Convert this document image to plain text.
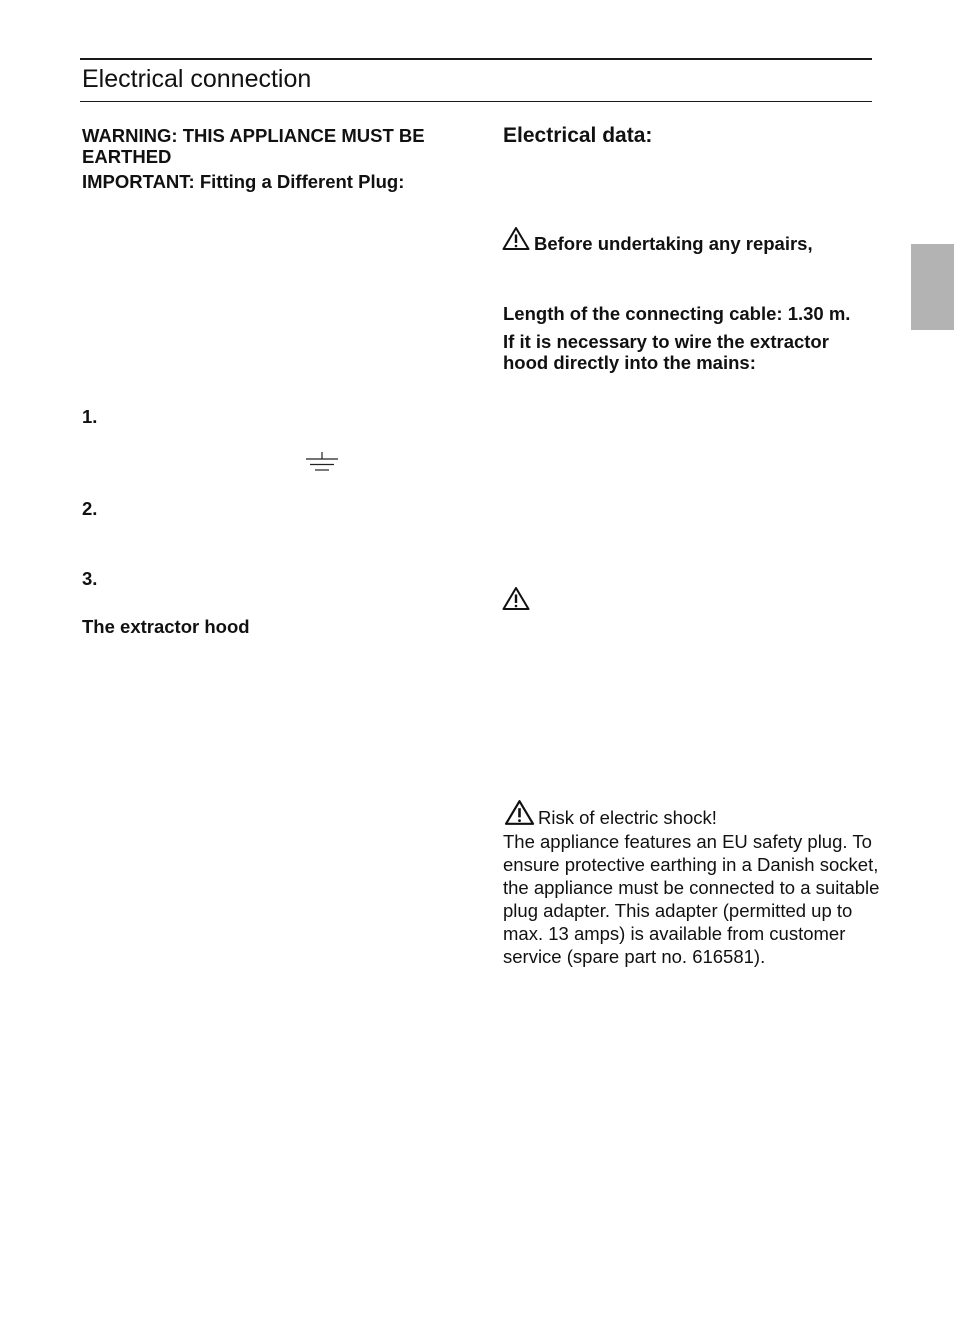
Electrical connection

WARNING: THIS APPLIANCE MUST BE EARTHED

IMPORTANT: Fitting a Different Plug:

1.

2.

3.

The extractor hood

Electrical data:

Before undertaking any repairs,

Length of the connecting cable: 1.30 m.

If it is necessary to wire the extractor hood directly into the mains:

Risk of electric shock!

The appliance features an EU safety plug. To ensure protective earthing in a Danish socket, the appliance must be connected to a suitable plug adapter. This adapter (permitted up to max. 13 amps) is available from customer service (spare part no. 616581).
